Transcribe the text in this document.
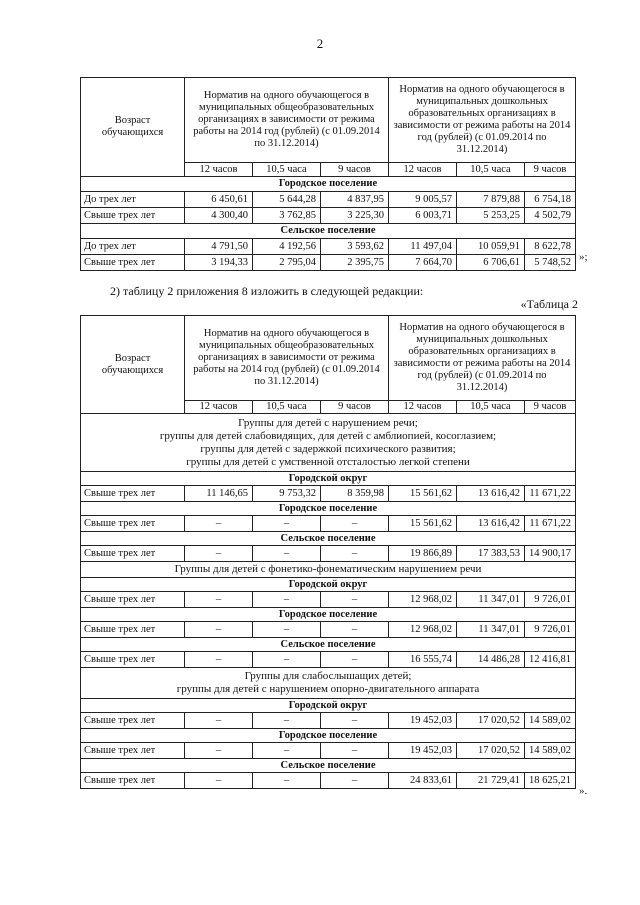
2
Возраст обучающихся	Норматив на одного обучающегося в муниципальных общеобразовательных организациях в зависимости от режима работы на 2014 год (рублей) (с 01.09.2014 по 31.12.2014)			Норматив на одного обучающегося в муниципальных дошкольных образовательных организациях в зависимости от режима работы на 2014 год (рублей) (с 01.09.2014 по 31.12.2014)		
	12 часов	10,5 часа	9 часов	12 часов	10,5 часа	9 часов
Городское поселение						
До трех лет	6 450,61	5 644,28	4 837,95	9 005,57	7 879,88	6 754,18
Свыше трех лет	4 300,40	3 762,85	3 225,30	6 003,71	5 253,25	4 502,79
Сельское поселение						
До трех лет	4 791,50	4 192,56	3 593,62	11 497,04	10 059,91	8 622,78
Свыше трех лет	3 194,33	2 795,04	2 395,75	7 664,70	6 706,61	5 748,52 »;
2) таблицу 2 приложения 8 изложить в следующей редакции:
«Таблица 2
Возраст обучающихся	Норматив на одного обучающегося в муниципальных общеобразовательных организациях в зависимости от режима работы на 2014 год (рублей) (с 01.09.2014 по 31.12.2014)			Норматив на одного обучающегося в муниципальных дошкольных образовательных организациях в зависимости от режима работы на 2014 год (рублей) (с 01.09.2014 по 31.12.2014)		
	12 часов	10,5 часа	9 часов	12 часов	10,5 часа	9 часов

Группы для детей с нарушением речи;
группы для детей слабовидящих, для детей с амблиопией, косоглазием;
группы для детей с задержкой психического развития;
группы для детей с умственной отсталостью легкой степени						

Городской округ						
Свыше трех лет	11 146,65	9 753,32	8 359,98	15 561,62	13 616,42	11 671,22
Городское поселение						
Свыше трех лет	–	–	–	15 561,62	13 616,42	11 671,22
Сельское поселение						
Свыше трех лет	–	–	–	19 866,89	17 383,53	14 900,17
Группы для детей с фонетико-фонематическим нарушением речи						
Городской округ						
Свыше трех лет	–	–	–	12 968,02	11 347,01	9 726,01
Городское поселение						
Свыше трех лет	–	–	–	12 968,02	11 347,01	9 726,01
Сельское поселение						
Свыше трех лет	–	–	–	16 555,74	14 486,28	12 416,81

Группы для слабослышащих детей;
группы для детей с нарушением опорно-двигательного аппарата						

Городской округ						
Свыше трех лет	–	–	–	19 452,03	17 020,52	14 589,02
Городское поселение						
Свыше трех лет	–	–	–	19 452,03	17 020,52	14 589,02
Сельское поселение						
Свыше трех лет	–	–	–	24 833,61	21 729,41	18 625,21
».
